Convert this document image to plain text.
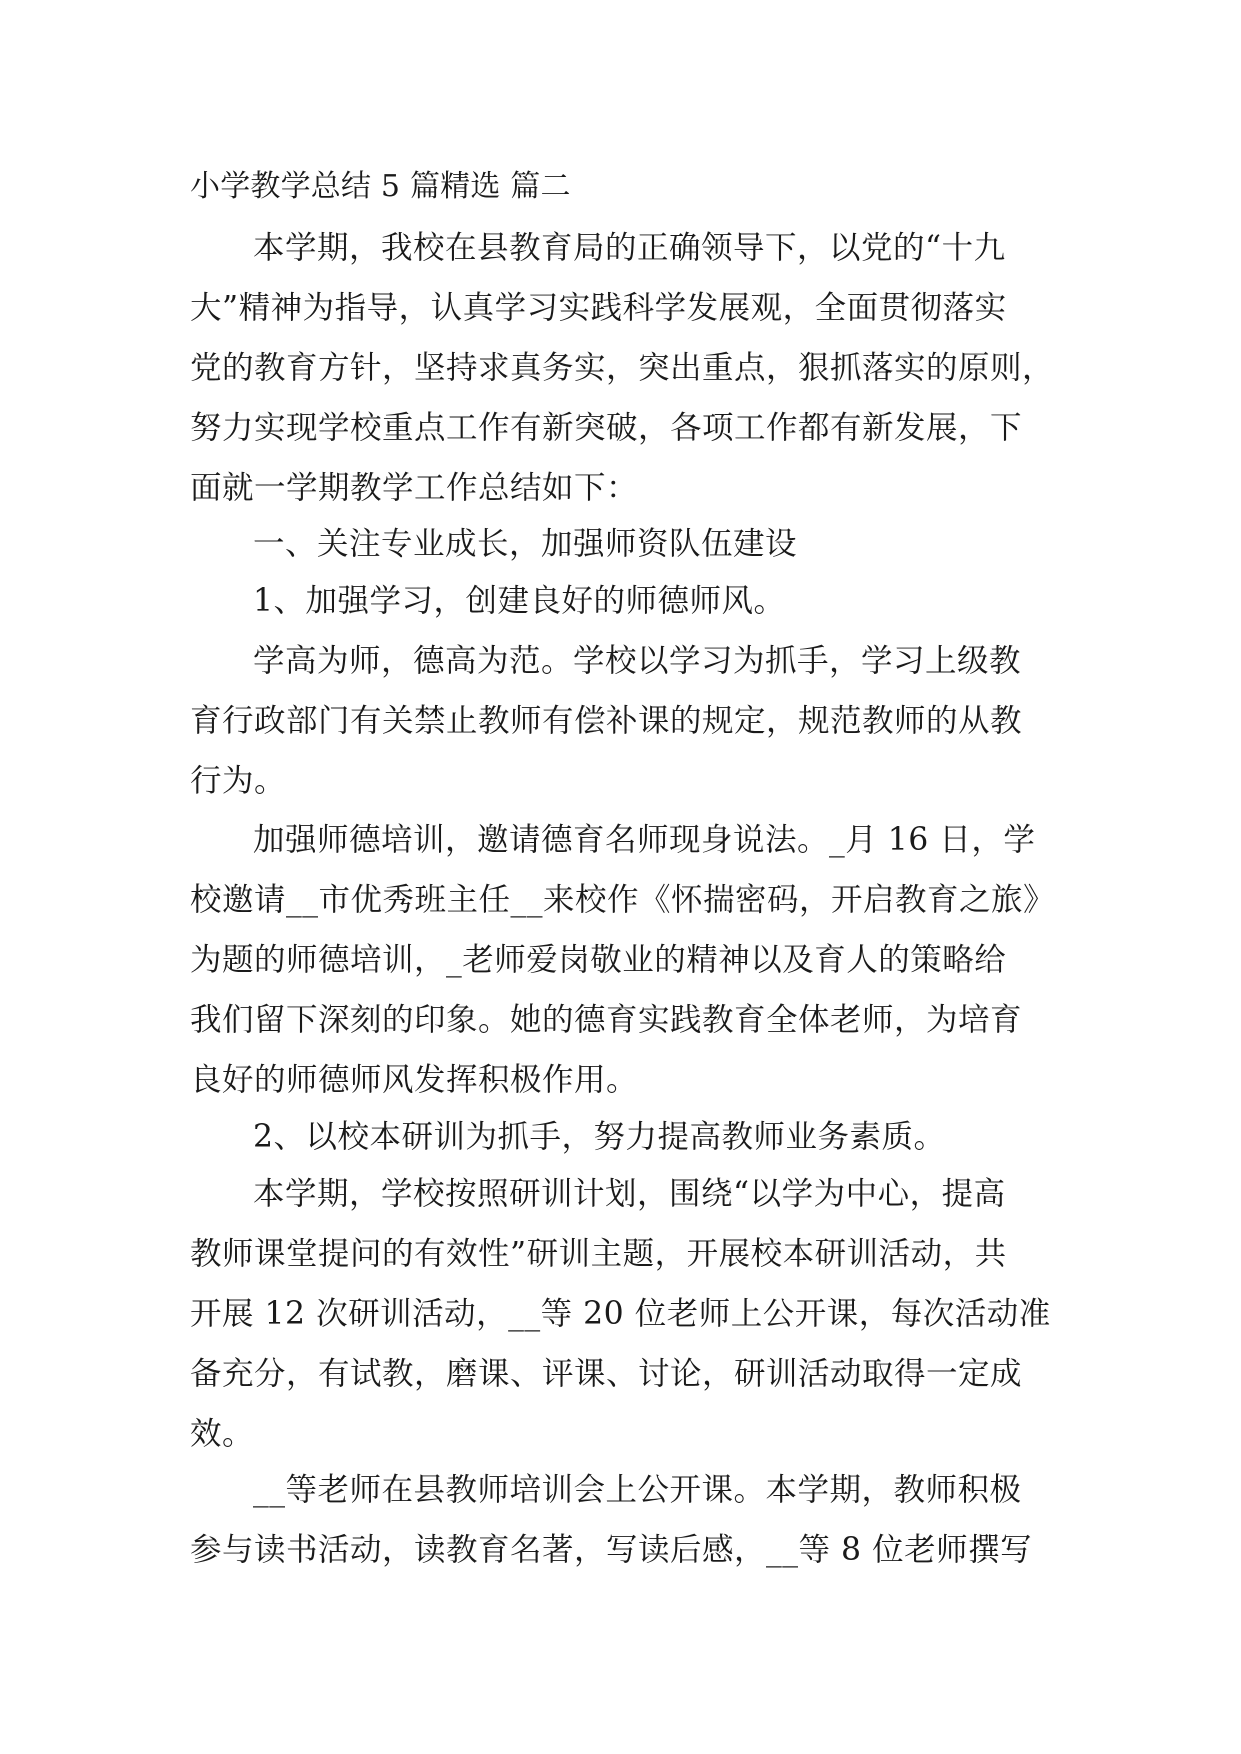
小学教学总结 5 篇精选 篇二
本学期，我校在县教育局的正确领导下，以党的“十九
大”精神为指导，认真学习实践科学发展观，全面贯彻落实
党的教育方针，坚持求真务实，突出重点，狠抓落实的原则，
努力实现学校重点工作有新突破，各项工作都有新发展，下
面就一学期教学工作总结如下：
一、关注专业成长，加强师资队伍建设
1、加强学习，创建良好的师德师风。
学高为师，德高为范。学校以学习为抓手，学习上级教
育行政部门有关禁止教师有偿补课的规定，规范教师的从教
行为。
加强师德培训，邀请德育名师现身说法。_月 16 日，学
校邀请__市优秀班主任__来校作《怀揣密码，开启教育之旅》
为题的师德培训，_老师爱岗敬业的精神以及育人的策略给
我们留下深刻的印象。她的德育实践教育全体老师，为培育
良好的师德师风发挥积极作用。
2、以校本研训为抓手，努力提高教师业务素质。
本学期，学校按照研训计划，围绕“以学为中心，提高
教师课堂提问的有效性”研训主题，开展校本研训活动，共
开展 12 次研训活动，__等 20 位老师上公开课，每次活动准
备充分，有试教，磨课、评课、讨论，研训活动取得一定成
效。
__等老师在县教师培训会上公开课。本学期，教师积极
参与读书活动，读教育名著，写读后感，__等 8 位老师撰写
